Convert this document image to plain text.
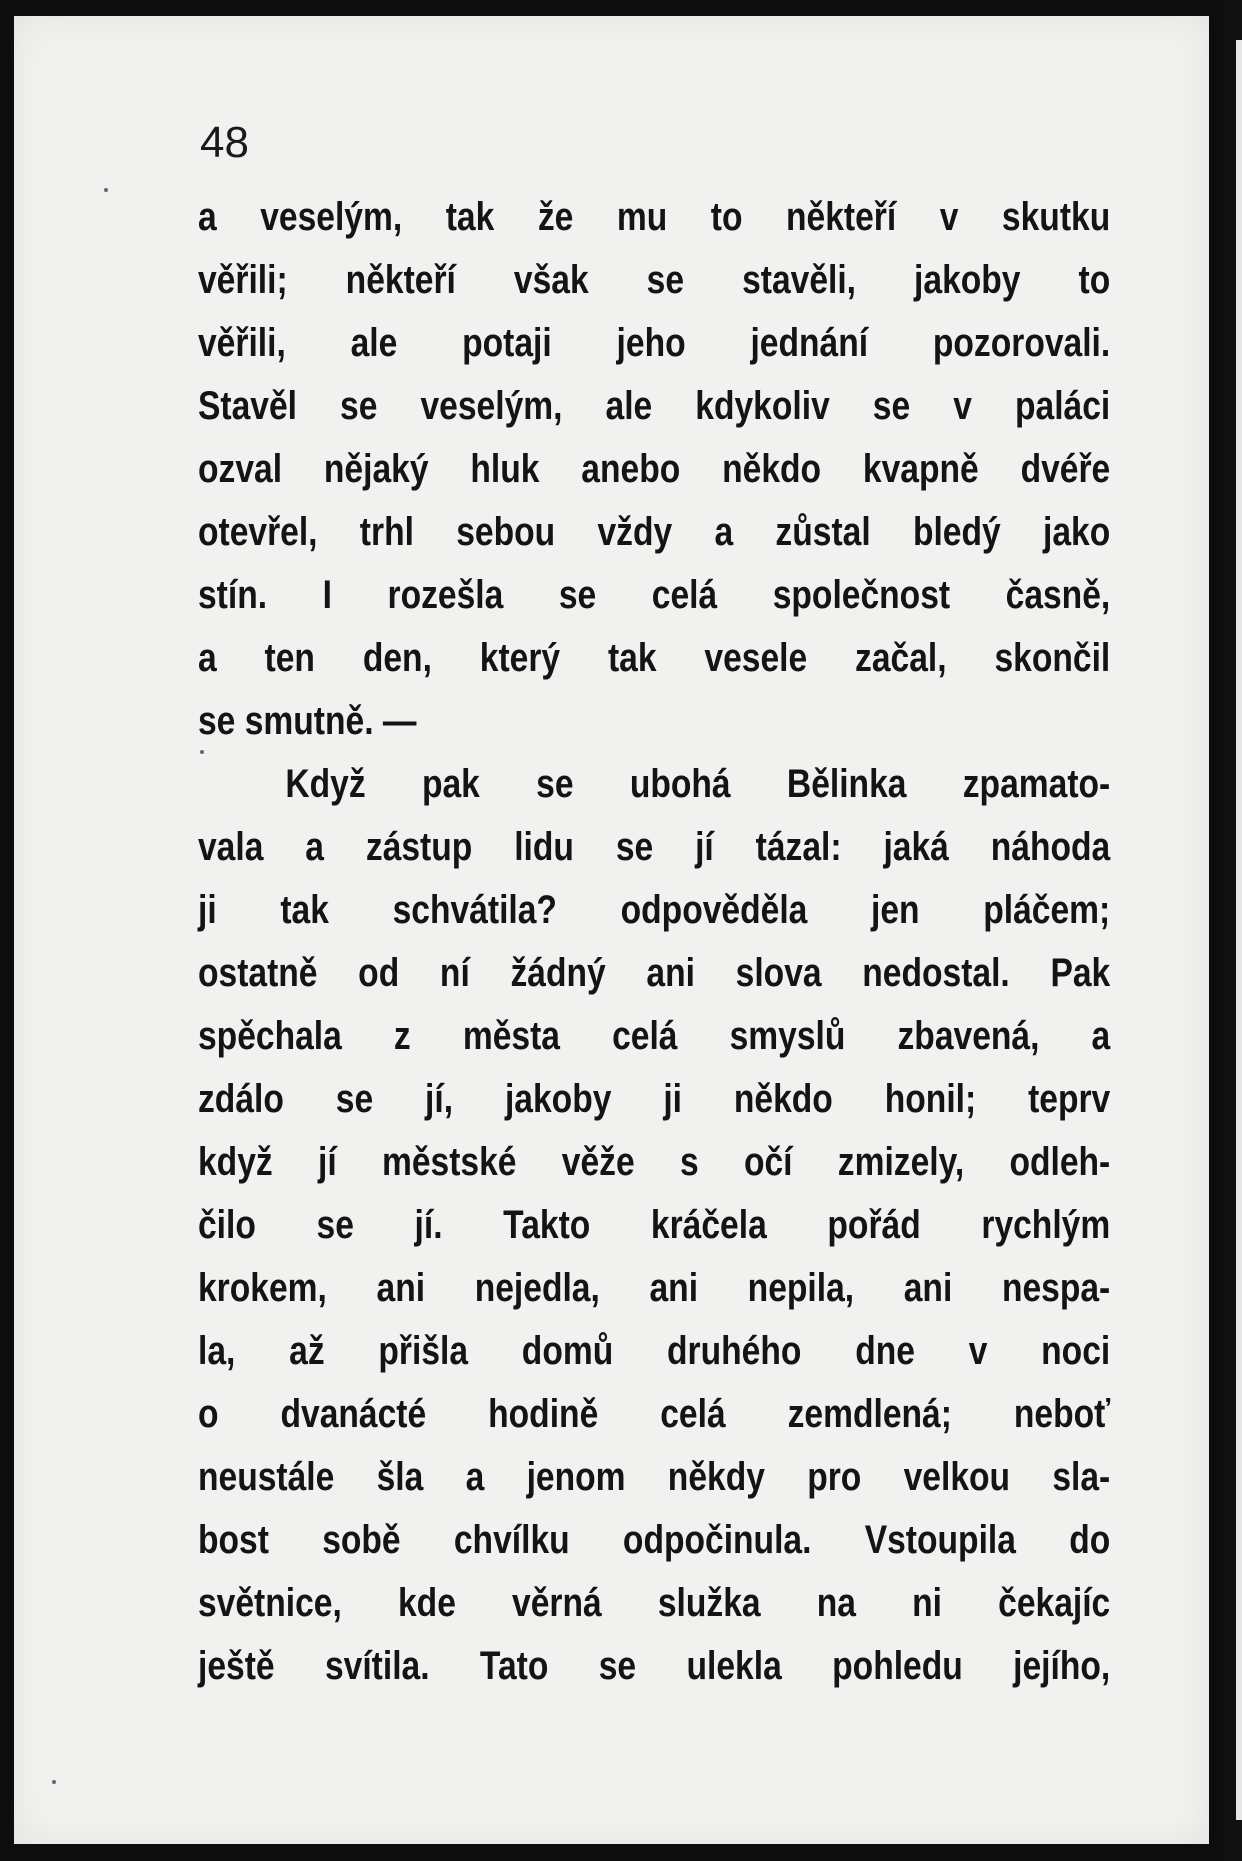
48
a veselým, tak že mu to někteří v skutku
věřili; někteří však se stavěli, jakoby to
věřili, ale potaji jeho jednání pozorovali.
Stavěl se veselým, ale kdykoliv se v paláci
ozval nějaký hluk anebo někdo kvapně dvéře
otevřel, trhl sebou vždy a zůstal bledý jako
stín. I rozešla se celá společnost časně,
a ten den, který tak vesele začal, skončil
se smutně. —
Když pak se ubohá Bělinka zpamato-
vala a zástup lidu se jí tázal: jaká náhoda
ji tak schvátila? odpověděla jen pláčem;
ostatně od ní žádný ani slova nedostal. Pak
spěchala z města celá smyslů zbavená, a
zdálo se jí, jakoby ji někdo honil; teprv
když jí městské věže s očí zmizely, odleh-
čilo se jí. Takto kráčela pořád rychlým
krokem, ani nejedla, ani nepila, ani nespa-
la, až přišla domů druhého dne v noci
o dvanácté hodině celá zemdlená; neboť
neustále šla a jenom někdy pro velkou sla-
bost sobě chvílku odpočinula. Vstoupila do
světnice, kde věrná služka na ni čekajíc
ještě svítila. Tato se ulekla pohledu jejího,
